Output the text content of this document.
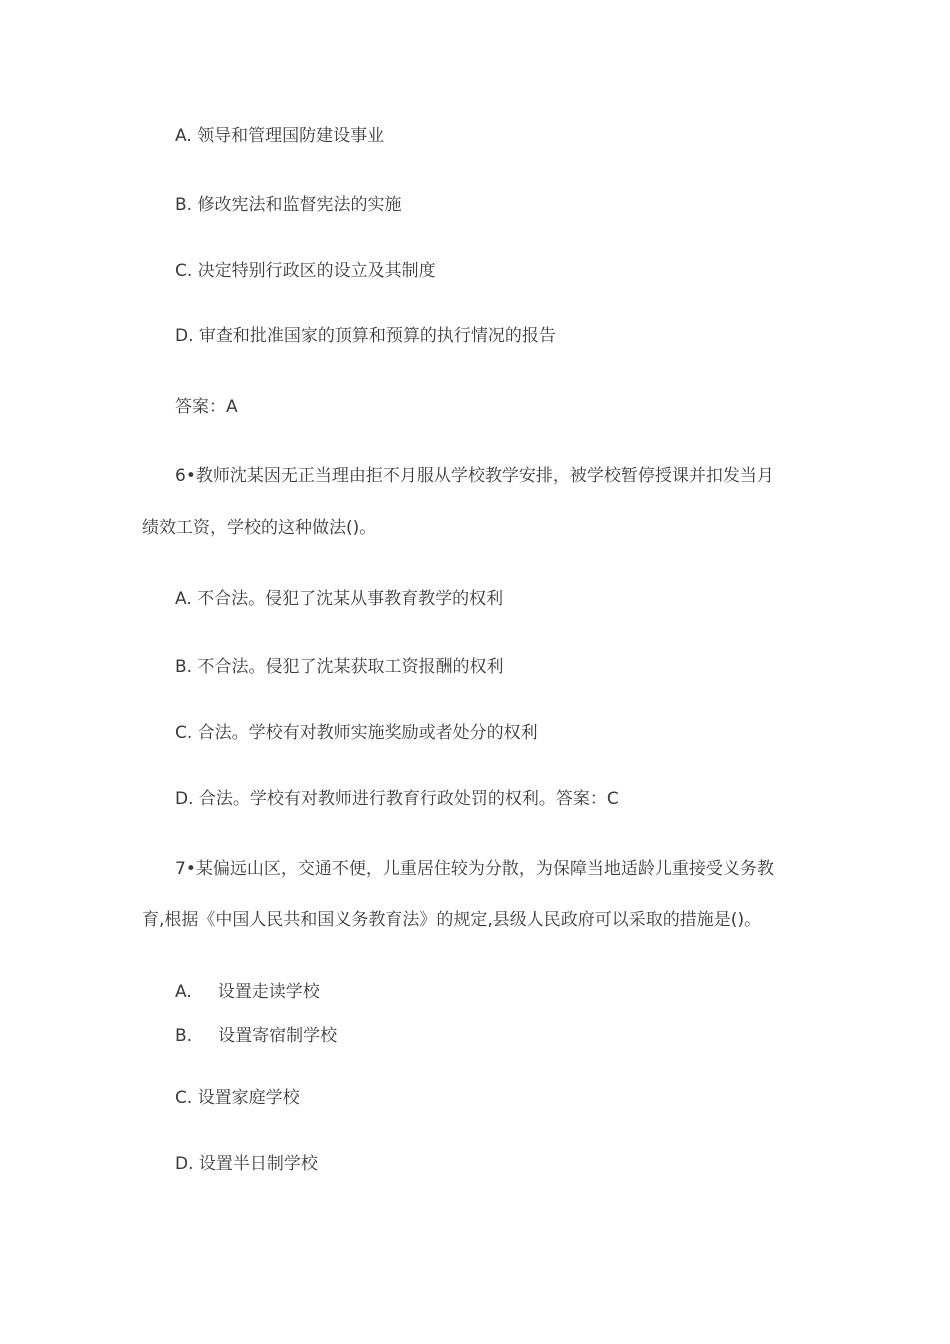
A. 领导和管理国防建设事业
B. 修改宪法和监督宪法的实施
C. 决定特别行政区的设立及其制度
D. 审查和批准国家的顶算和预算的执行情况的报告
答案：A
6•教师沈某因无正当理由拒不月服从学校教学安排，被学校暂停授课并扣发当月
绩效工资，学校的这种做法()。
A. 不合法。侵犯了沈某从事教育教学的权利
B. 不合法。侵犯了沈某获取工资报酬的权利
C. 合法。学校有对教师实施奖励或者处分的权利
D. 合法。学校有对教师进行教育行政处罚的权利。答案：C
7•某偏远山区，交通不便，儿重居住较为分散，为保障当地适龄儿重接受义务教
育,根据《中国人民共和国义务教育法》的规定,县级人民政府可以采取的措施是()。
A. 设置走读学校
B. 设置寄宿制学校
C. 设置家庭学校
D. 设置半日制学校
